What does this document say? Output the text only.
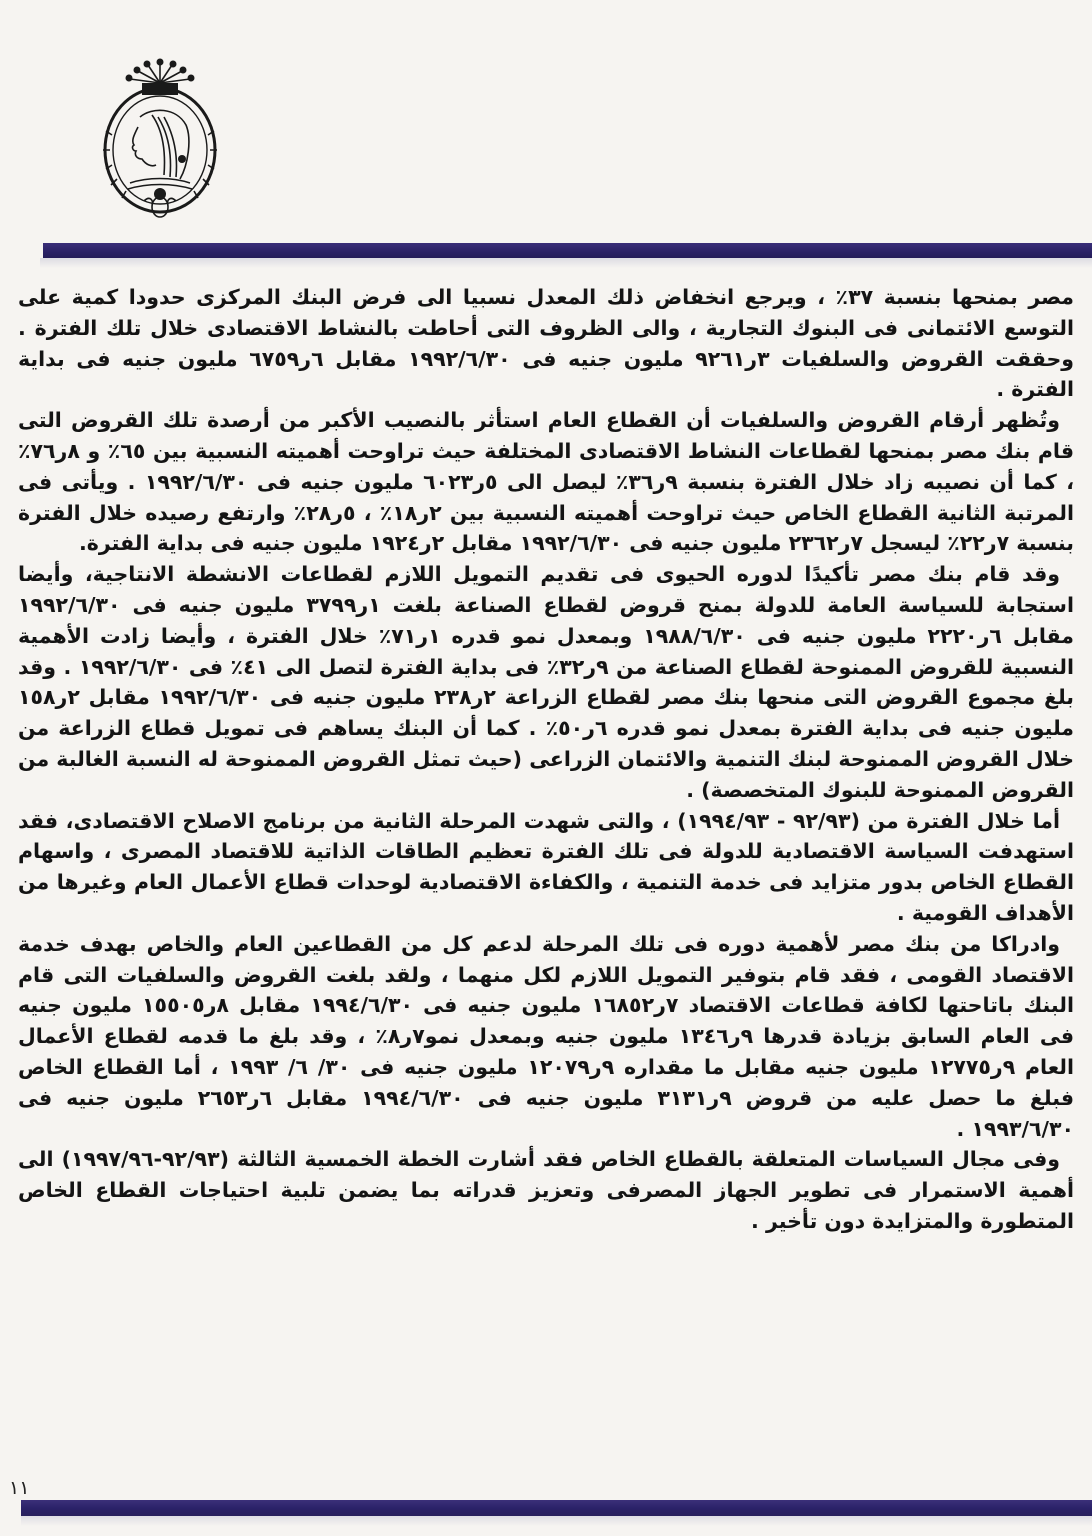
مصر بمنحها بنسبة ٣٧٪ ، ويرجع انخفاض ذلك المعدل نسبيا الى فرض البنك المركزى حدودا كمية على التوسع الائتمانى فى البنوك التجارية ، والى الظروف التى أحاطت بالنشاط الاقتصادى خلال تلك الفترة . وحققت القروض والسلفيات ٣ر٩٢٦١ مليون جنيه فى ١٩٩٢/٦/٣٠ مقابل ٦ر٦٧٥٩ مليون جنيه فى بداية الفترة .

وتُظهر أرقام القروض والسلفيات أن القطاع العام استأثر بالنصيب الأكبر من أرصدة تلك القروض التى قام بنك مصر بمنحها لقطاعات النشاط الاقتصادى المختلفة حيث تراوحت أهميته النسبية بين ٦٥٪ و ٨ر٧٦٪ ، كما أن نصيبه زاد خلال الفترة بنسبة ٩ر٣٦٪ ليصل الى ٥ر٦٠٢٣ مليون جنيه فى ١٩٩٢/٦/٣٠ . ويأتى فى المرتبة الثانية القطاع الخاص حيث تراوحت أهميته النسبية بين ٢ر١٨٪ ، ٥ر٢٨٪ وارتفع رصيده خلال الفترة بنسبة ٧ر٢٢٪ ليسجل ٧ر٢٣٦٢ مليون جنيه فى ١٩٩٢/٦/٣٠ مقابل ٢ر١٩٢٤ مليون جنيه فى بداية الفترة.

وقد قام بنك مصر تأكيدًا لدوره الحيوى فى تقديم التمويل اللازم لقطاعات الانشطة الانتاجية، وأيضا استجابة للسياسة العامة للدولة بمنح قروض لقطاع الصناعة بلغت ١ر٣٧٩٩ مليون جنيه فى ١٩٩٢/٦/٣٠ مقابل ٦ر٢٢٢٠ مليون جنيه فى ١٩٨٨/٦/٣٠ وبمعدل نمو قدره ١ر٧١٪ خلال الفترة ، وأيضا زادت الأهمية النسبية للقروض الممنوحة لقطاع الصناعة من ٩ر٣٢٪ فى بداية الفترة لتصل الى ٤١٪ فى ١٩٩٢/٦/٣٠ . وقد بلغ مجموع القروض التى منحها بنك مصر لقطاع الزراعة ٢ر٢٣٨ مليون جنيه فى ١٩٩٢/٦/٣٠ مقابل ٢ر١٥٨ مليون جنيه فى بداية الفترة بمعدل نمو قدره ٦ر٥٠٪ . كما أن البنك يساهم فى تمويل قطاع الزراعة من خلال القروض الممنوحة لبنك التنمية والائتمان الزراعى (حيث تمثل القروض الممنوحة له النسبة الغالبة من القروض الممنوحة للبنوك المتخصصة) .

أما خلال الفترة من (٩٢/٩٣ - ١٩٩٤/٩٣) ، والتى شهدت المرحلة الثانية من برنامج الاصلاح الاقتصادى، فقد استهدفت السياسة الاقتصادية للدولة فى تلك الفترة تعظيم الطاقات الذاتية للاقتصاد المصرى ، واسهام القطاع الخاص بدور متزايد فى خدمة التنمية ، والكفاءة الاقتصادية لوحدات قطاع الأعمال العام وغيرها من الأهداف القومية .

وادراكا من بنك مصر لأهمية دوره فى تلك المرحلة لدعم كل من القطاعين العام والخاص بهدف خدمة الاقتصاد القومى ، فقد قام بتوفير التمويل اللازم لكل منهما ، ولقد بلغت القروض والسلفيات التى قام البنك باتاحتها لكافة قطاعات الاقتصاد ٧ر١٦٨٥٢ مليون جنيه فى ١٩٩٤/٦/٣٠ مقابل ٨ر١٥٥٠٥ مليون جنيه فى العام السابق بزيادة قدرها ٩ر١٣٤٦ مليون جنيه وبمعدل نمو٧ر٨٪ ، وقد بلغ ما قدمه لقطاع الأعمال العام ٩ر١٢٧٧٥ مليون جنيه مقابل ما مقداره ٩ر١٢٠٧٩ مليون جنيه فى ٣٠/ ٦/ ١٩٩٣ ، أما القطاع الخاص فبلغ ما حصل عليه من قروض ٩ر٣١٣١ مليون جنيه فى ١٩٩٤/٦/٣٠ مقابل ٦ر٢٦٥٣ مليون جنيه فى ١٩٩٣/٦/٣٠ .

وفى مجال السياسات المتعلقة بالقطاع الخاص فقد أشارت الخطة الخمسية الثالثة (٩٢/٩٣-١٩٩٧/٩٦) الى أهمية الاستمرار فى تطوير الجهاز المصرفى وتعزيز قدراته بما يضمن تلبية احتياجات القطاع الخاص المتطورة والمتزايدة دون تأخير .

١١
